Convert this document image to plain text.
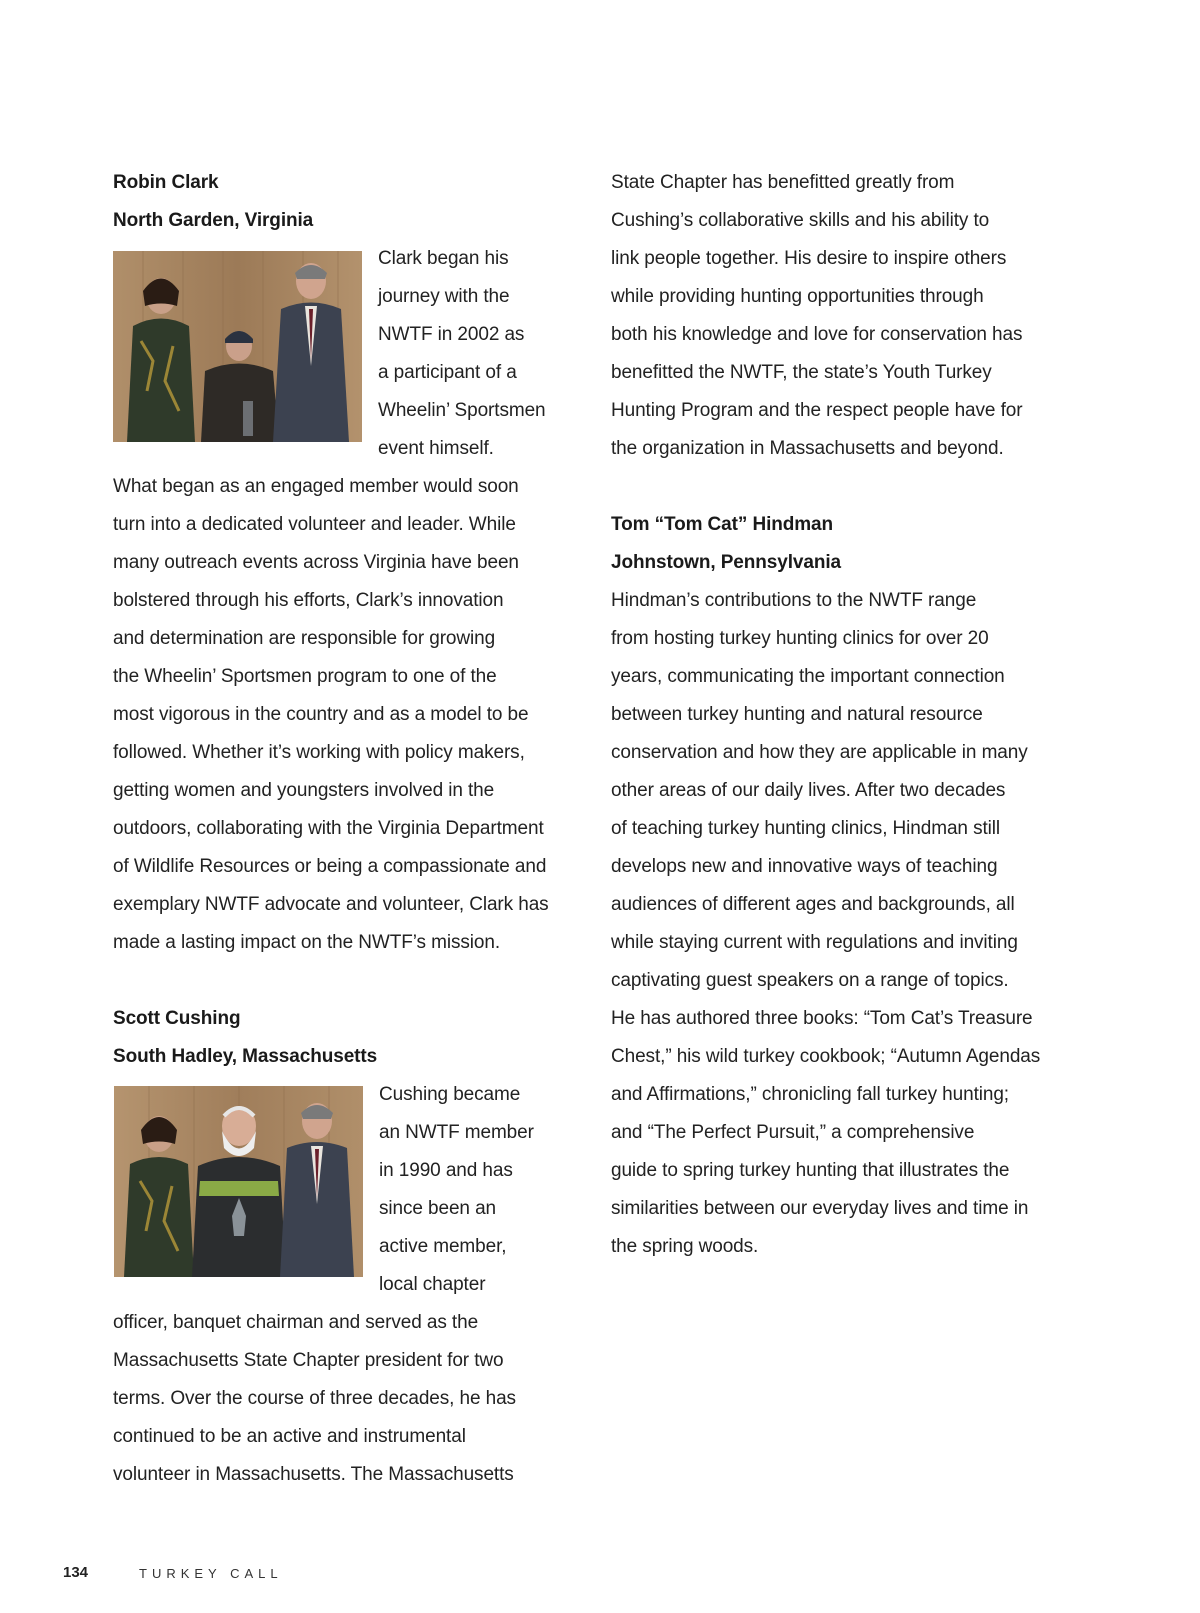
Robin Clark
North Garden, Virginia
Clark began his
journey with the
NWTF in 2002 as
a participant of a
Wheelin’ Sportsmen
event himself.
What began as an engaged member would soon
turn into a dedicated volunteer and leader. While
many outreach events across Virginia have been
bolstered through his efforts, Clark’s innovation
and determination are responsible for growing
the Wheelin’ Sportsmen program to one of the
most vigorous in the country and as a model to be
followed. Whether it’s working with policy makers,
getting women and youngsters involved in the
outdoors, collaborating with the Virginia Department
of Wildlife Resources or being a compassionate and
exemplary NWTF advocate and volunteer, Clark has
made a lasting impact on the NWTF’s mission.
Scott Cushing
South Hadley, Massachusetts
Cushing became
an NWTF member
in 1990 and has
since been an
active member,
local chapter
officer, banquet chairman and served as the
Massachusetts State Chapter president for two
terms. Over the course of three decades, he has
continued to be an active and instrumental
volunteer in Massachusetts. The Massachusetts
State Chapter has benefitted greatly from
Cushing’s collaborative skills and his ability to
link people together. His desire to inspire others
while providing hunting opportunities through
both his knowledge and love for conservation has
benefitted the NWTF, the state’s Youth Turkey
Hunting Program and the respect people have for
the organization in Massachusetts and beyond.
Tom “Tom Cat” Hindman
Johnstown, Pennsylvania
Hindman’s contributions to the NWTF range
from hosting turkey hunting clinics for over 20
years, communicating the important connection
between turkey hunting and natural resource
conservation and how they are applicable in many
other areas of our daily lives. After two decades
of teaching turkey hunting clinics, Hindman still
develops new and innovative ways of teaching
audiences of different ages and backgrounds, all
while staying current with regulations and inviting
captivating guest speakers on a range of topics.
He has authored three books: “Tom Cat’s Treasure
Chest,” his wild turkey cookbook; “Autumn Agendas
and Affirmations,” chronicling fall turkey hunting;
and “The Perfect Pursuit,” a comprehensive
guide to spring turkey hunting that illustrates the
similarities between our everyday lives and time in
the spring woods.
134	TURKEY CALL
